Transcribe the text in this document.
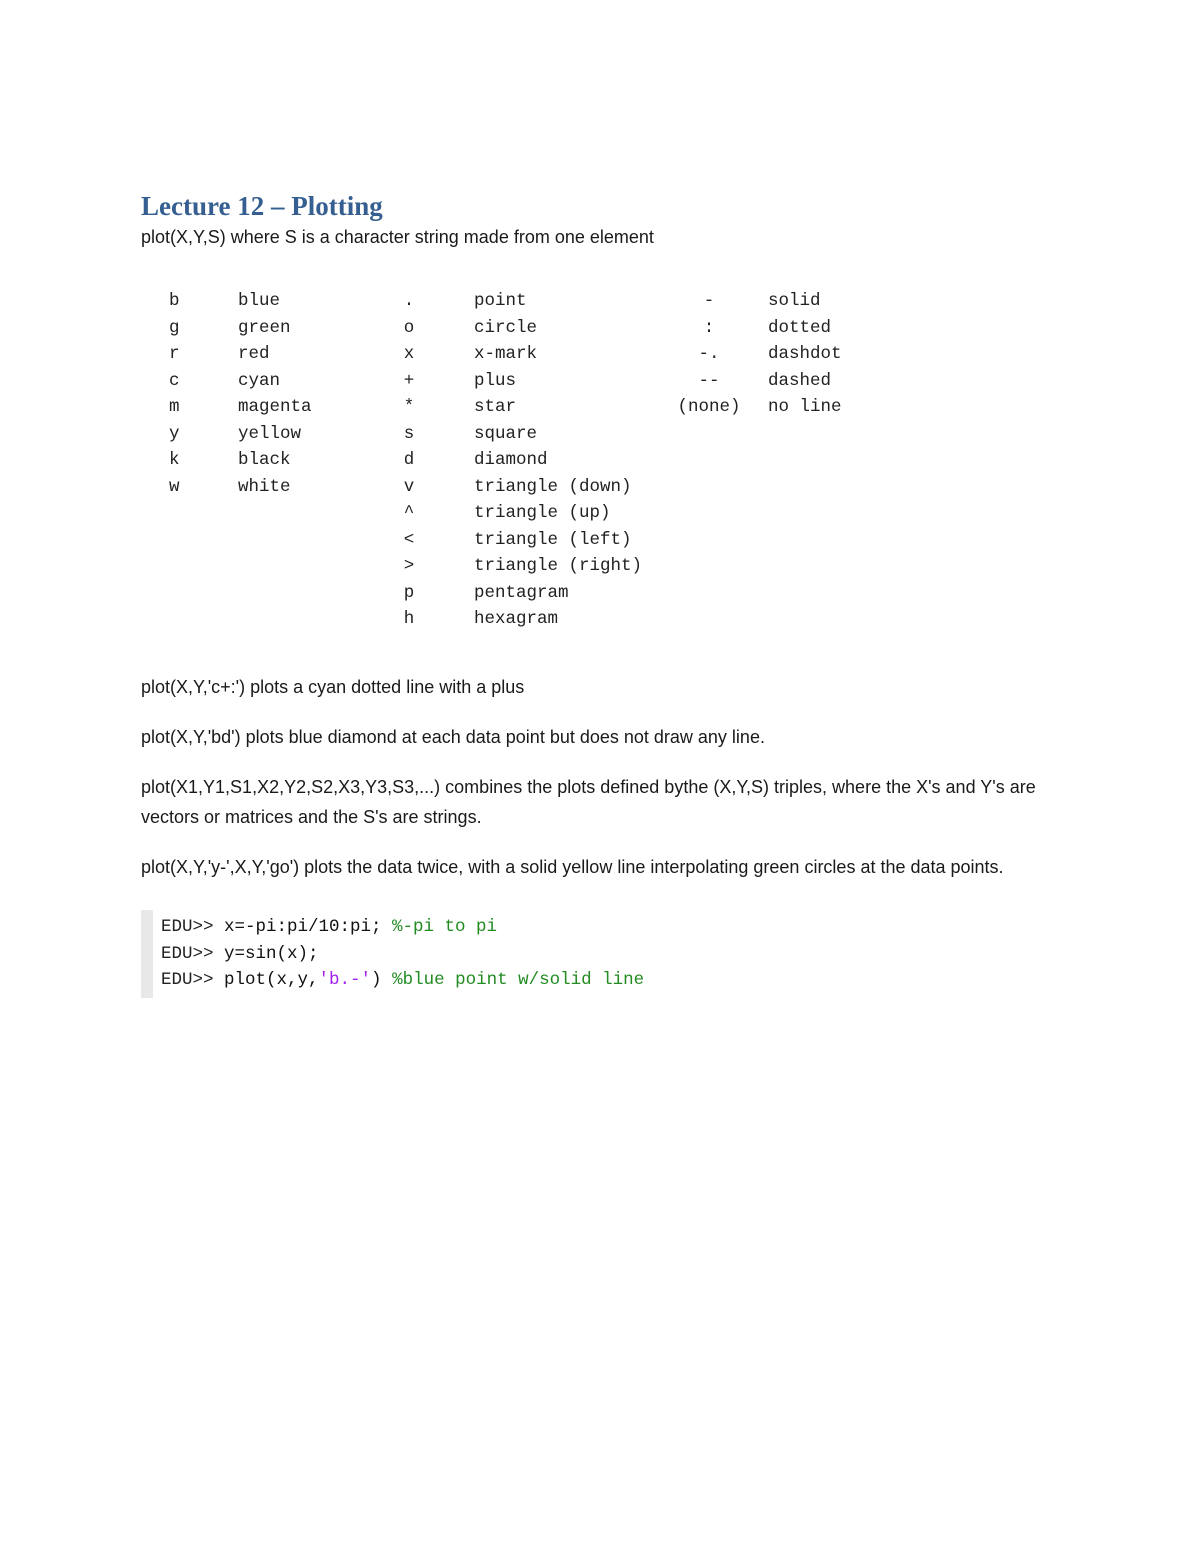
Lecture 12 – Plotting

plot(X,Y,S) where S is a character string made from one element

b
g
r
c
m
y
k
w
blue
green
red
cyan
magenta
yellow
black
white
.
o
x
+
*
s
d
v
^
<
>
p
h
point
circle
x-mark
plus
star
square
diamond
triangle (down)
triangle (up)
triangle (left)
triangle (right)
pentagram
hexagram
-
:
-.
--
(none)
solid
dotted
dashdot
dashed
no line

plot(X,Y,'c+:') plots a cyan dotted line with a plus

plot(X,Y,'bd') plots blue diamond at each data point but does not draw any line.

plot(X1,Y1,S1,X2,Y2,S2,X3,Y3,S3,...) combines the plots defined bythe (X,Y,S) triples, where the X's and Y's are vectors or matrices and the S's are strings.

plot(X,Y,'y-',X,Y,'go') plots the data twice, with a solid yellow line interpolating green circles at the data points.

EDU>> x=-pi:pi/10:pi; %-pi to pi
EDU>> y=sin(x);
EDU>> plot(x,y,'b.-') %blue point w/solid line
